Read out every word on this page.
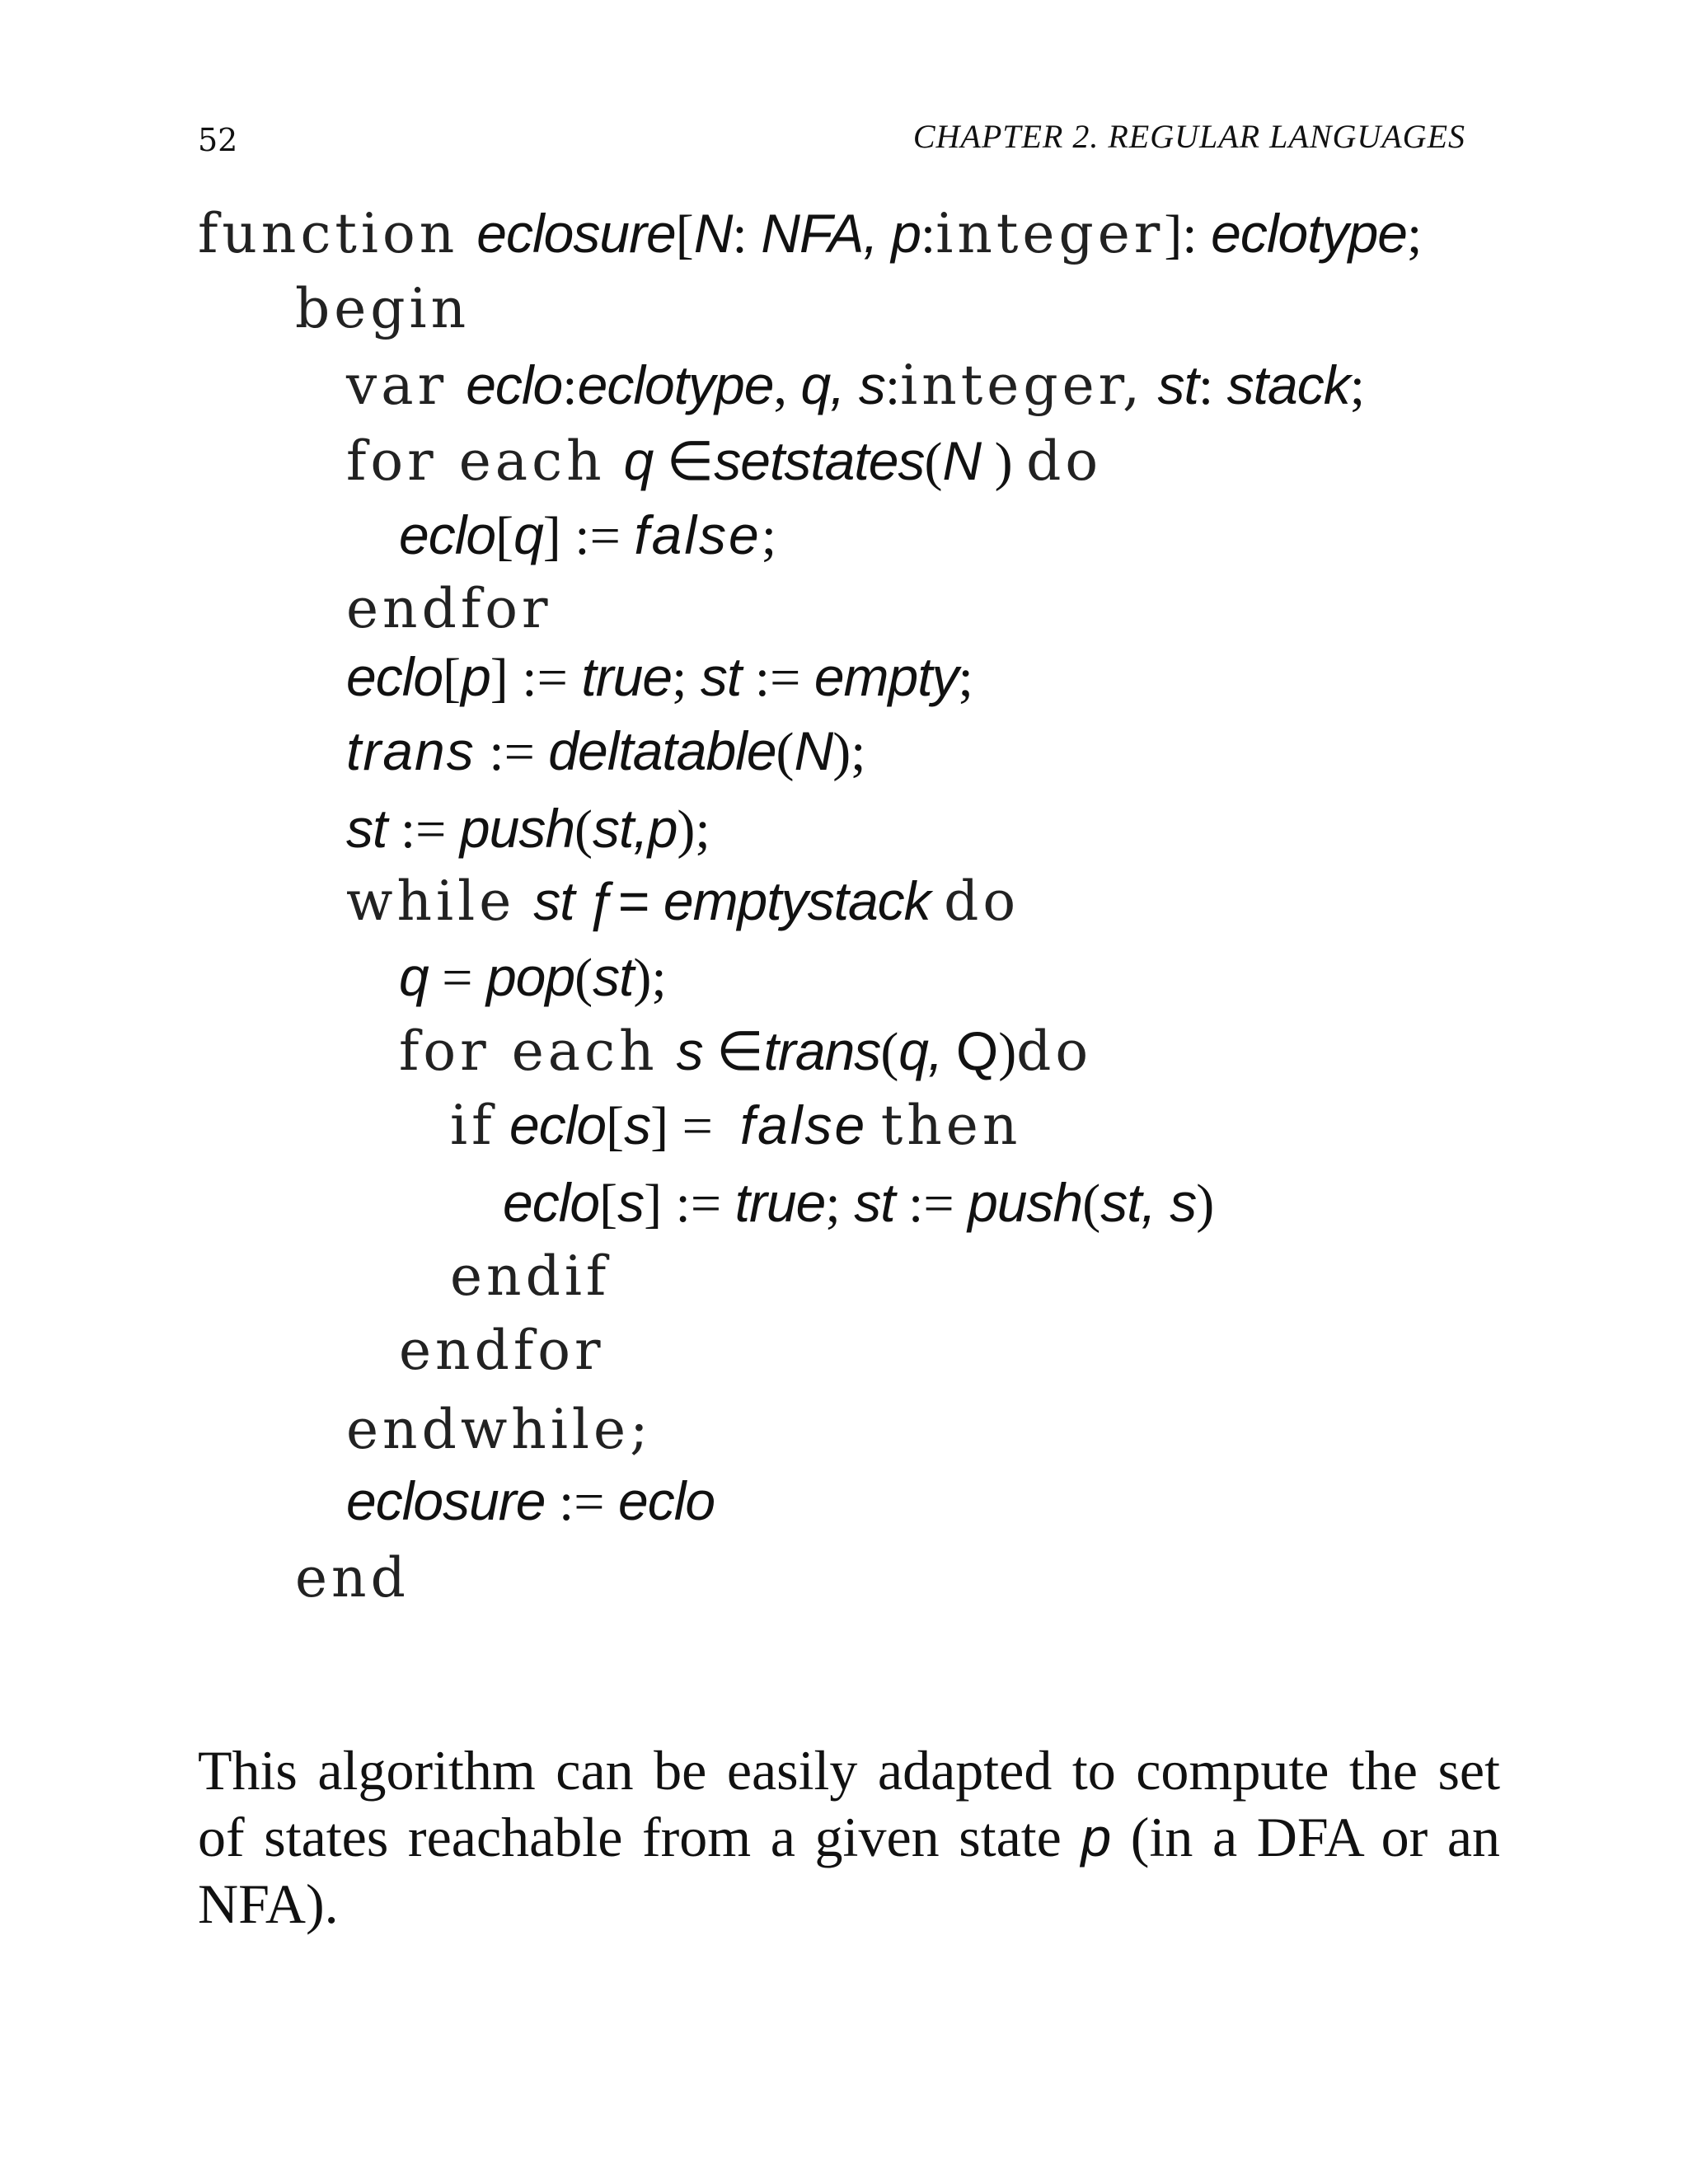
52	CHAPTER 2. REGULAR LANGUAGES
function eclosure[N: NFA, p:integer]: eclotype;
begin
var eclo:eclotype, q, s:integer, st: stack;
for each q ∈setstates(N ) do
eclo[q] := false;
endfor
eclo[p] := true; st := empty;
trans := deltatable(N);
st := push(st,p);
while st ƒ= emptystack do
q = pop(st);
for each s ∈trans(q, Q)do
if eclo[s] = false then
eclo[s] := true; st := push(st, s)
endif
endfor
endwhile;
eclosure := eclo
end

This algorithm can be easily adapted to compute the set of states reachable from a given state p (in a DFA or an NFA).
